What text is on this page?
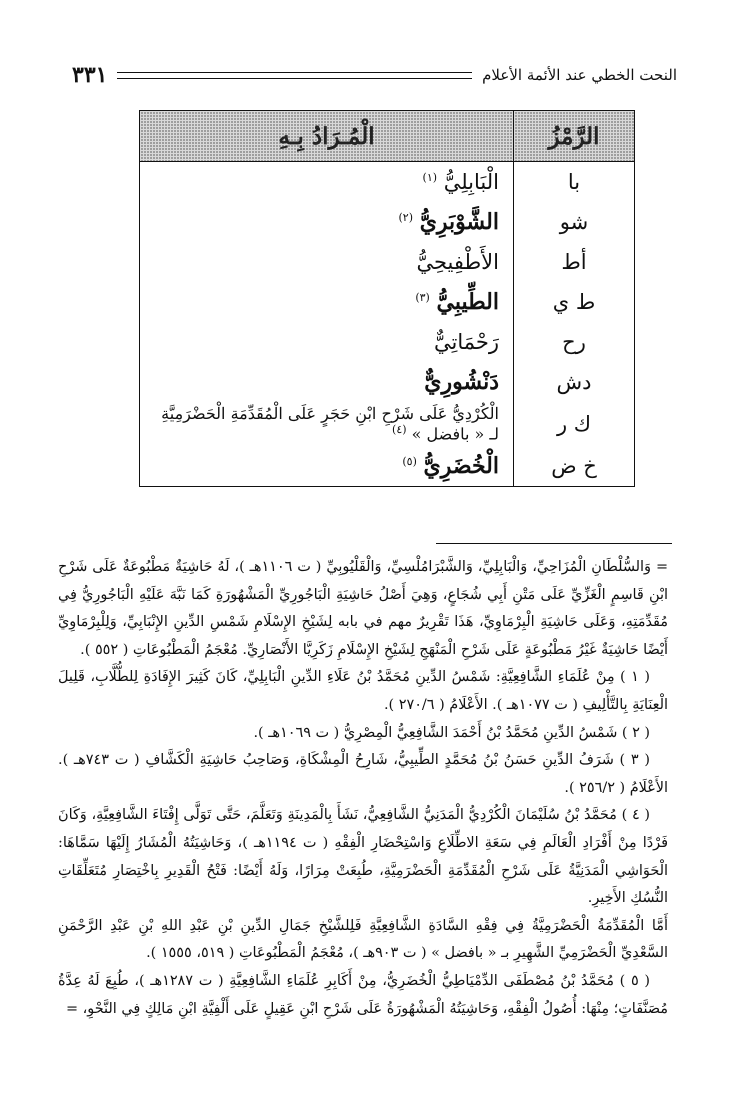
النحت الخطي عند الأئمة الأعلام
٣٣١
الرَّمْزُ	الْمُـرَادُ بِـهِ
با	الْبَابِلِيُّ $^{(١)}$
شو	الشَّوْبَرِيُّ $^{(٢)}$
أط	الأَطْفِيحِيُّ
ط ي	الطِّيبِيُّ $^{(٣)}$
رح	رَحْمَاتِيٌّ
دش	دَنْشُورِيٌّ
ك ر	الْكُرْدِيُّ عَلَى شَرْحِ ابْنِ حَجَرٍ عَلَى الْمُقَدِّمَةِ الْحَضْرَمِيَّةِ لـ « بافضل » $^{(٤)}$
خ ض	الْخُضَرِيُّ $^{(٥)}$

= وَالسُّلْطَانِ الْمُزَاحِيِّ، وَالْبَابِلِيِّ، وَالشَّبْرَامُلْسِيِّ، وَالْقَلْيُوبِيِّ ( ت ١١٠٦هـ )، لَهُ حَاشِيَةٌ مَطْبُوعَةٌ عَلَى شَرْحِ ابْنِ قَاسِمٍ الْغَزِّيِّ عَلَى مَتْنِ أَبِي شُجَاعٍ، وَهِيَ أَصْلُ حَاشِيَةِ الْبَاجُورِيِّ الْمَشْهُورَةِ كَمَا نَبَّهَ عَلَيْهِ الْبَاجُورِيُّ فِي مُقَدِّمَتِهِ، وَعَلَى حَاشِيَةِ الْبِرْمَاوِيِّ، هَذَا تَقْرِيرٌ مهم في بابه لِشَيْخِ الإِسْلَامِ شَمْسِ الدِّينِ الإِنْبَابِيِّ، وَلِلْبِرْمَاوِيِّ أَيْضًا حَاشِيَةٌ غَيْرُ مَطْبُوعَةٍ عَلَى شَرْحِ الْمَنْهَجِ لِشَيْخِ الإِسْلَامِ زَكَرِيَّا الأَنْصَارِيِّ. مُعْجَمُ الْمَطْبُوعَاتِ ( ٥٥٢ ).

( ١ ) مِنْ عُلَمَاءِ الشَّافِعِيَّةِ: شَمْسُ الدِّينِ مُحَمَّدُ بْنُ عَلَاءِ الدِّينِ الْبَابِلِيِّ، كَانَ كَثِيرَ الإِفَادَةِ لِلطُّلَّابِ، قَلِيلَ الْعِنَايَةِ بِالتَّأْلِيفِ ( ت ١٠٧٧هـ ). الأَعْلَامُ ( ٢٧٠/٦ ).

( ٢ ) شَمْسُ الدِّينِ مُحَمَّدُ بْنُ أَحْمَدَ الشَّافِعِيُّ الْمِصْرِيُّ ( ت ١٠٦٩هـ ).

( ٣ ) شَرَفُ الدِّينِ حَسَنُ بْنُ مُحَمَّدٍ الطِّيبِيُّ، شَارِحُ الْمِشْكَاةِ، وَصَاحِبُ حَاشِيَةِ الْكَشَّافِ ( ت ٧٤٣هـ ). الأَعْلَامُ ( ٢٥٦/٢ ).

( ٤ ) مُحَمَّدُ بْنُ سُلَيْمَانَ الْكُرْدِيُّ الْمَدَنِيُّ الشَّافِعِيُّ، نَشَأَ بِالْمَدِينَةِ وَتَعَلَّمَ، حَتَّى تَوَلَّى إِفْتَاءَ الشَّافِعِيَّةِ، وَكَانَ فَرْدًا مِنْ أَفْرَادِ الْعَالَمِ فِي سَعَةِ الاطِّلَاعِ وَاسْتِحْضَارِ الْفِقْهِ ( ت ١١٩٤هـ )، وَحَاشِيَتُهُ الْمُشَارُ إِلَيْهَا سَمَّاهَا: الْحَوَاشِي الْمَدَنِيَّةُ عَلَى شَرْحِ الْمُقَدِّمَةِ الْحَضْرَمِيَّةِ، طُبِعَتْ مِرَارًا، وَلَهُ أَيْضًا: فَتْحُ الْقَدِيرِ بِاخْتِصَارِ مُتَعَلِّقَاتِ النُّسُكِ الأَخِيرِ.

أَمَّا الْمُقَدِّمَةُ الْحَضْرَمِيَّةُ فِي فِقْهِ السَّادَةِ الشَّافِعِيَّةِ فَلِلشَّيْخِ جَمَالِ الدِّينِ بْنِ عَبْدِ اللهِ بْنِ عَبْدِ الرَّحْمَنِ السَّعْدِيِّ الْحَضْرَمِيِّ الشَّهِيرِ بـ « بافضل » ( ت ٩٠٣هـ )، مُعْجَمُ الْمَطْبُوعَاتِ ( ٥١٩، ١٥٥٥ ).

( ٥ ) مُحَمَّدُ بْنُ مُصْطَفَى الدِّمْيَاطِيُّ الْخُضَرِيُّ، مِنْ أَكَابِرِ عُلَمَاءِ الشَّافِعِيَّةِ ( ت ١٢٨٧هـ )، طُبِعَ لَهُ عِدَّةُ مُصَنَّفَاتٍ؛ مِنْهَا: أُصُولُ الْفِقْهِ، وَحَاشِيَتُهُ الْمَشْهُورَةُ عَلَى شَرْحِ ابْنِ عَقِيلٍ عَلَى أَلْفِيَّةِ ابْنِ مَالِكٍ فِي النَّحْوِ، =
